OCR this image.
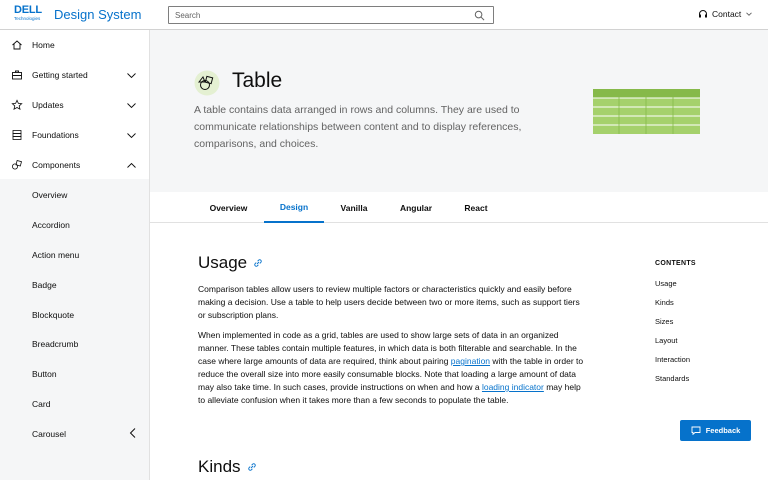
DELL
Technologies	Design System
Search	Contact
Home
Getting started
Updates
Foundations
Components
Overview
Accordion
Action menu
Badge
Blockquote
Breadcrumb
Button
Card
Carousel
Table
A table contains data arranged in rows and columns. They are used to communicate relationships between content and to display references, comparisons, and choices.
Overview	Design	Vanilla	Angular	React
Usage

Comparison tables allow users to review multiple factors or characteristics quickly and easily before making a decision. Use a table to help users decide between two or more items, such as support tiers or subscription plans.

When implemented in code as a grid, tables are used to show large sets of data in an organized manner. These tables contain multiple features, in which data is both filterable and searchable. In the case where large amounts of data are required, think about pairing pagination with the table in order to reduce the overall size into more easily consumable blocks. Note that loading a large amount of data may also take time. In such cases, provide instructions on when and how a loading indicator may help to alleviate confusion when it takes more than a few seconds to populate the table.

Kinds
CONTENTS
Usage
Kinds
Sizes
Layout
Interaction
Standards
Feedback
